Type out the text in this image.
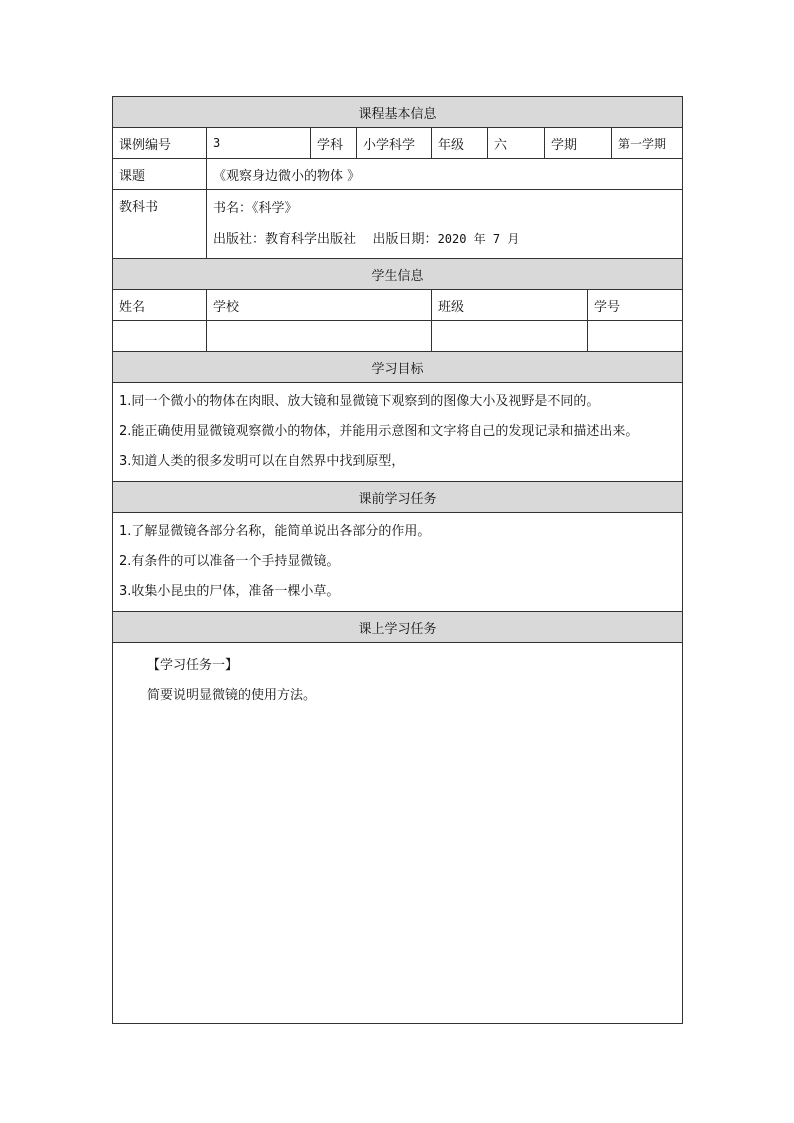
课程基本信息								
课例编号	3	学科	小学科学	年级	六	学期		第一学期
课题	《观察身边微小的物体 》							
教科书	书名：《科学》
出版社：教育科学出版社 出版日期：2020 年 7 月							

学生信息								
姓名	学校			班级			学号	

学习目标								

1.同一个微小的物体在肉眼、放大镜和显微镜下观察到的图像大小及视野是不同的。
2.能正确使用显微镜观察微小的物体，并能用示意图和文字将自己的发现记录和描述出来。
3.知道人类的很多发明可以在自然界中找到原型，								

课前学习任务								

1.了解显微镜各部分名称，能简单说出各部分的作用。
2.有条件的可以准备一个手持显微镜。
3.收集小昆虫的尸体，准备一棵小草。								

课上学习任务								

【学习任务一】
简要说明显微镜的使用方法。								
